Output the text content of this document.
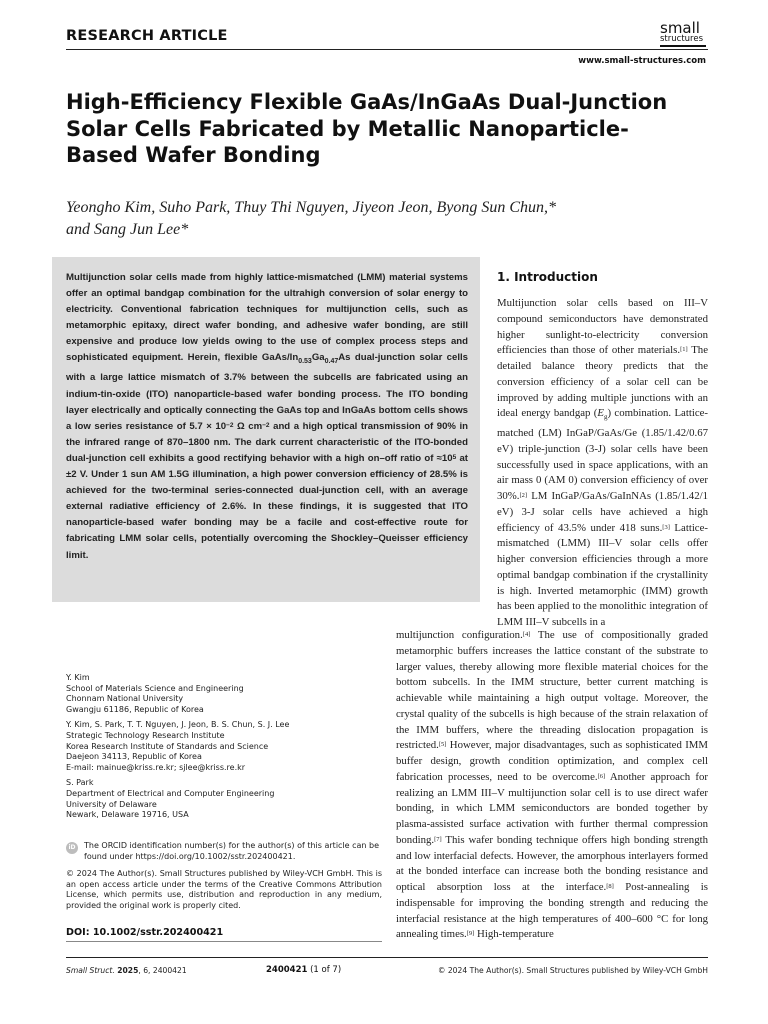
RESEARCH ARTICLE	small
structures
www.small-structures.com
High-Efficiency Flexible GaAs/InGaAs Dual-Junction Solar Cells Fabricated by Metallic Nanoparticle-Based Wafer Bonding
Yeongho Kim, Suho Park, Thuy Thi Nguyen, Jiyeon Jeon, Byong Sun Chun,*
and Sang Jun Lee*

Multijunction solar cells made from highly lattice-mismatched (LMM) material systems offer an optimal bandgap combination for the ultrahigh conversion of solar energy to electricity. Conventional fabrication techniques for multijunction cells, such as metamorphic epitaxy, direct wafer bonding, and adhesive wafer bonding, are still expensive and produce low yields owing to the use of complex process steps and sophisticated equipment. Herein, flexible GaAs/$In_{0.53}Ga_{0.47}As$ dual-junction solar cells with a large lattice mismatch of 3.7% between the subcells are fabricated using an indium-tin-oxide (ITO) nanoparticle-based wafer bonding process. The ITO bonding layer electrically and optically connecting the GaAs top and InGaAs bottom cells shows a low series resistance of $5.7 \times 10^{-2}$ Ω $cm^{-2}$ and a high optical transmission of 90% in the infrared range of 870–1800 nm. The dark current characteristic of the ITO-bonded dual-junction cell exhibits a good rectifying behavior with a high on–off ratio of $\approx 10^5$ at ±2 V. Under 1 sun AM 1.5G illumination, a high power conversion efficiency of 28.5% is achieved for the two-terminal series-connected dual-junction cell, with an average external radiative efficiency of 2.6%. In these findings, it is suggested that ITO nanoparticle-based wafer bonding may be a facile and cost-effective route for fabricating LMM solar cells, potentially overcoming the Shockley–Queisser efficiency limit.

1. Introduction

Multijunction solar cells based on III–V compound semiconductors have demonstrated higher sunlight-to-electricity conversion efficiencies than those of other materials.[1] The detailed balance theory predicts that the conversion efficiency of a solar cell can be improved by adding multiple junctions with an ideal energy bandgap $(E_g)$ combination. Lattice-matched (LM) InGaP/GaAs/Ge (1.85/1.42/0.67 eV) triple-junction (3-J) solar cells have been successfully used in space applications, with an air mass 0 (AM 0) conversion efficiency of over 30%.[2] LM InGaP/GaAs/GaInNAs (1.85/1.42/1 eV) 3-J solar cells have achieved a high efficiency of 43.5% under 418 suns.[3] Lattice-mismatched (LMM) III–V solar cells offer higher conversion efficiencies through a more optimal bandgap combination if the crystallinity is high. Inverted metamorphic (IMM) growth has been applied to the monolithic integration of LMM III–V subcells in a

multijunction configuration.[4] The use of compositionally graded metamorphic buffers increases the lattice constant of the substrate to larger values, thereby allowing more flexible material choices for the bottom subcells. In the IMM structure, better current matching is achievable while maintaining a high output voltage. Moreover, the crystal quality of the subcells is high because of the strain relaxation of the IMM buffers, where the threading dislocation propagation is restricted.[5] However, major disadvantages, such as sophisticated IMM buffer design, growth condition optimization, and complex cell fabrication processes, need to be overcome.[6] Another approach for realizing an LMM III–V multijunction solar cell is to use direct wafer bonding, in which LMM semiconductors are bonded together by plasma-assisted surface activation with further thermal compression bonding.[7] This wafer bonding technique offers high bonding strength and low interfacial defects. However, the amorphous interlayers formed at the bonded interface can increase both the bonding resistance and optical absorption loss at the interface.[8] Post-annealing is indispensable for improving the bonding strength and reducing the interfacial resistance at the high temperatures of 400–600 °C for long annealing times.[9] High-temperature

Y. Kim
School of Materials Science and Engineering
Chonnam National University
Gwangju 61186, Republic of Korea
Y. Kim, S. Park, T. T. Nguyen, J. Jeon, B. S. Chun, S. J. Lee
Strategic Technology Research Institute
Korea Research Institute of Standards and Science
Daejeon 34113, Republic of Korea
E-mail: mainue@kriss.re.kr; sjlee@kriss.re.kr
S. Park
Department of Electrical and Computer Engineering
University of Delaware
Newark, Delaware 19716, USA
iD	The ORCID identification number(s) for the author(s) of this article can be found under https://doi.org/10.1002/sstr.202400421.

© 2024 The Author(s). Small Structures published by Wiley-VCH GmbH. This is an open access article under the terms of the Creative Commons Attribution License, which permits use, distribution and reproduction in any medium, provided the original work is properly cited.

DOI: 10.1002/sstr.202400421
Small Struct. 2025, 6, 2400421	2400421 (1 of 7)	© 2024 The Author(s). Small Structures published by Wiley-VCH GmbH
